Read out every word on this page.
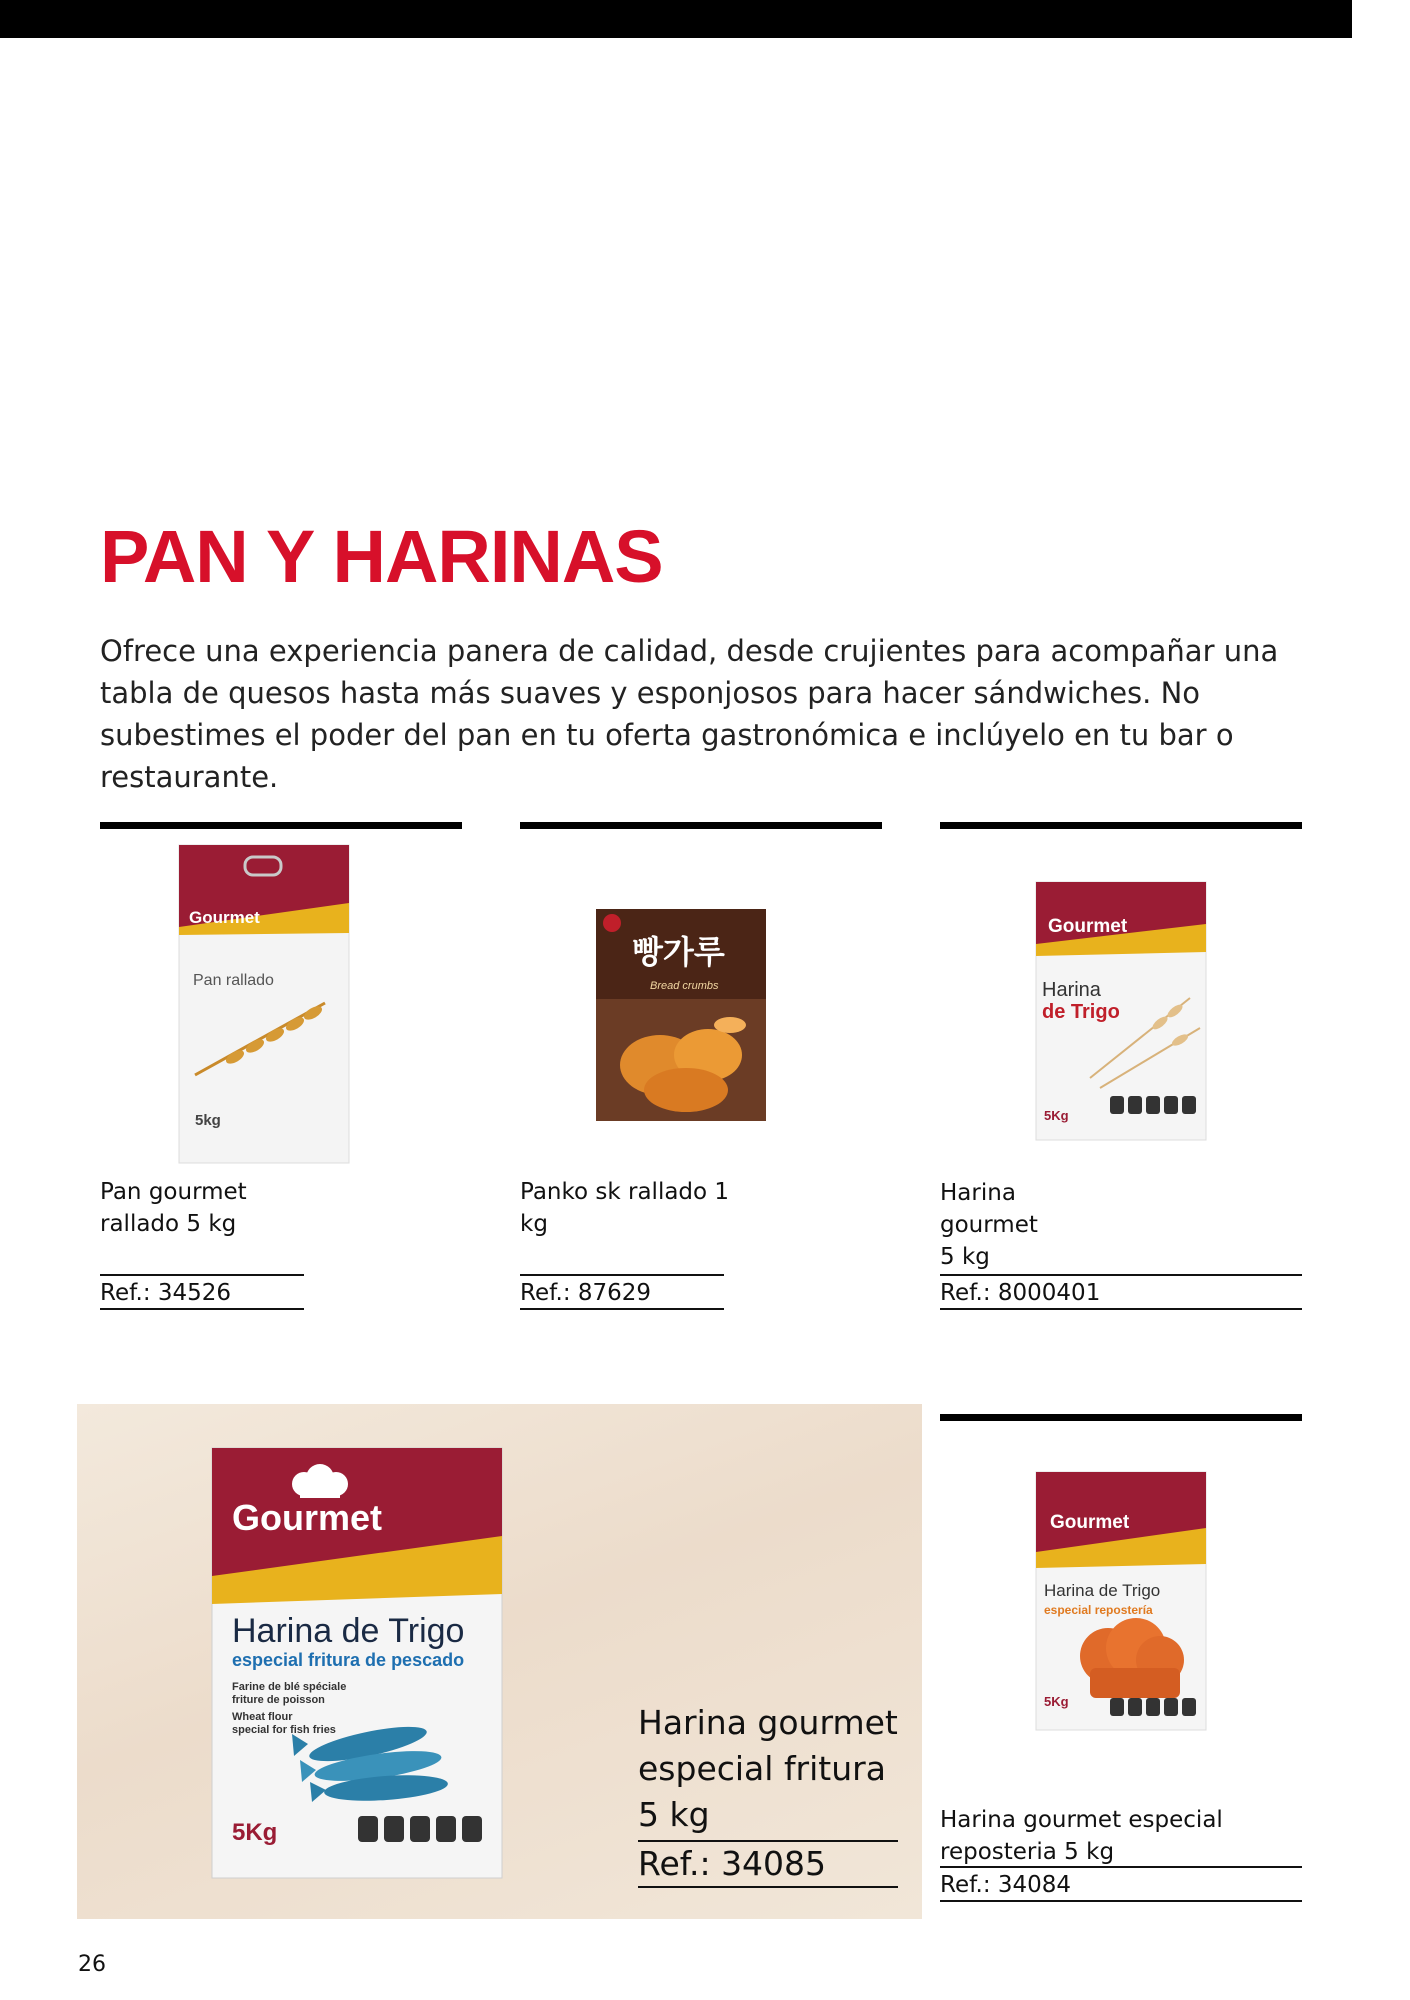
PAN Y HARINAS

Ofrece una experiencia panera de calidad, desde crujientes para acompañar una tabla de quesos hasta más suaves y esponjosos para hacer sándwiches. No subestimes el poder del pan en tu oferta gastronómica e inclúyelo en tu bar o restaurante.

Gourmet
Pan rallado
5kg

Pan gourmet rallado 5 kg

Ref.: 34526
빵가루
Bread crumbs

Panko sk rallado 1 kg

Ref.: 87629
Gourmet
Harina
de Trigo
5Kg

Harina gourmet 5 kg

Ref.: 8000401
Gourmet
Harina de Trigo
especial fritura de pescado
Farine de blé spéciale
friture de poisson
Wheat flour
special for fish fries
5Kg

Harina gourmet especial fritura 5 kg

Ref.: 34085
Gourmet
Harina de Trigo
especial repostería
5Kg

Harina gourmet especial reposteria 5 kg

Ref.: 34084
26
